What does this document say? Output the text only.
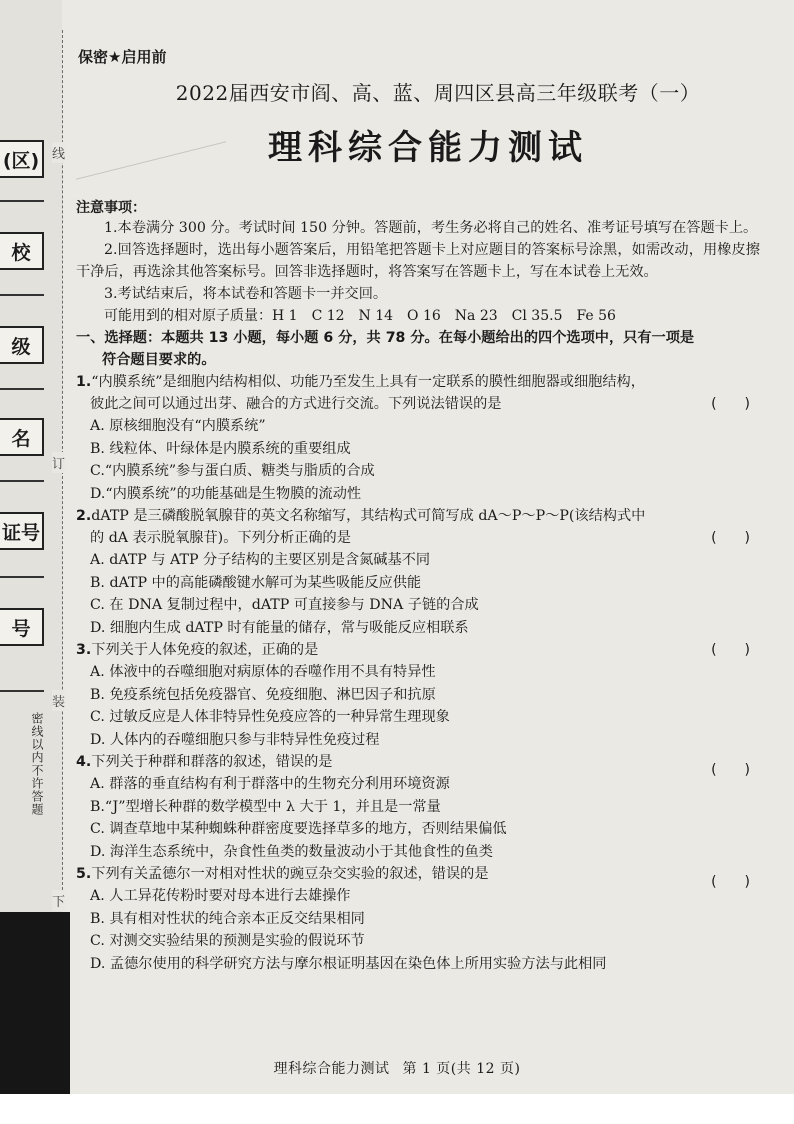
(区)
校
级
名
证号
号
线
订
装
下
密线以内不许答题
保密★启用前
2022届西安市阎、高、蓝、周四区县高三年级联考（一）
理科综合能力测试
注意事项：
1.本卷满分 300 分。考试时间 150 分钟。答题前，考生务必将自己的姓名、准考证号填写在答题卡上。
2.回答选择题时，选出每小题答案后，用铅笔把答题卡上对应题目的答案标号涂黑，如需改动，用橡皮擦干净后，再选涂其他答案标号。回答非选择题时，将答案写在答题卡上，写在本试卷上无效。
3.考试结束后，将本试卷和答题卡一并交回。
可能用到的相对原子质量：H 1　C 12　N 14　O 16　Na 23　Cl 35.5　Fe 56
一、选择题：本题共 13 小题，每小题 6 分，共 78 分。在每小题给出的四个选项中，只有一项是
符合题目要求的。
1.“内膜系统”是细胞内结构相似、功能乃至发生上具有一定联系的膜性细胞器或细胞结构，
彼此之间可以通过出芽、融合的方式进行交流。下列说法错误的是	(　　)
A. 原核细胞没有“内膜系统”
B. 线粒体、叶绿体是内膜系统的重要组成
C.“内膜系统”参与蛋白质、糖类与脂质的合成
D.“内膜系统”的功能基础是生物膜的流动性
2.dATP 是三磷酸脱氧腺苷的英文名称缩写，其结构式可简写成 dA～P～P～P(该结构式中
的 dA 表示脱氧腺苷)。下列分析正确的是	(　　)
A. dATP 与 ATP 分子结构的主要区别是含氮碱基不同
B. dATP 中的高能磷酸键水解可为某些吸能反应供能
C. 在 DNA 复制过程中，dATP 可直接参与 DNA 子链的合成
D. 细胞内生成 dATP 时有能量的储存，常与吸能反应相联系
3.下列关于人体免疫的叙述，正确的是	(　　)
A. 体液中的吞噬细胞对病原体的吞噬作用不具有特异性
B. 免疫系统包括免疫器官、免疫细胞、淋巴因子和抗原
C. 过敏反应是人体非特异性免疫应答的一种异常生理现象
D. 人体内的吞噬细胞只参与非特异性免疫过程
4.下列关于种群和群落的叙述，错误的是	(　　)
A. 群落的垂直结构有利于群落中的生物充分利用环境资源
B.“J”型增长种群的数学模型中 λ 大于 1，并且是一常量
C. 调查草地中某种蜘蛛种群密度要选择草多的地方，否则结果偏低
D. 海洋生态系统中，杂食性鱼类的数量波动小于其他食性的鱼类
5.下列有关孟德尔一对相对性状的豌豆杂交实验的叙述，错误的是	(　　)
A. 人工异花传粉时要对母本进行去雄操作
B. 具有相对性状的纯合亲本正反交结果相同
C. 对测交实验结果的预测是实验的假说环节
D. 孟德尔使用的科学研究方法与摩尔根证明基因在染色体上所用实验方法与此相同
理科综合能力测试 第 1 页(共 12 页)
